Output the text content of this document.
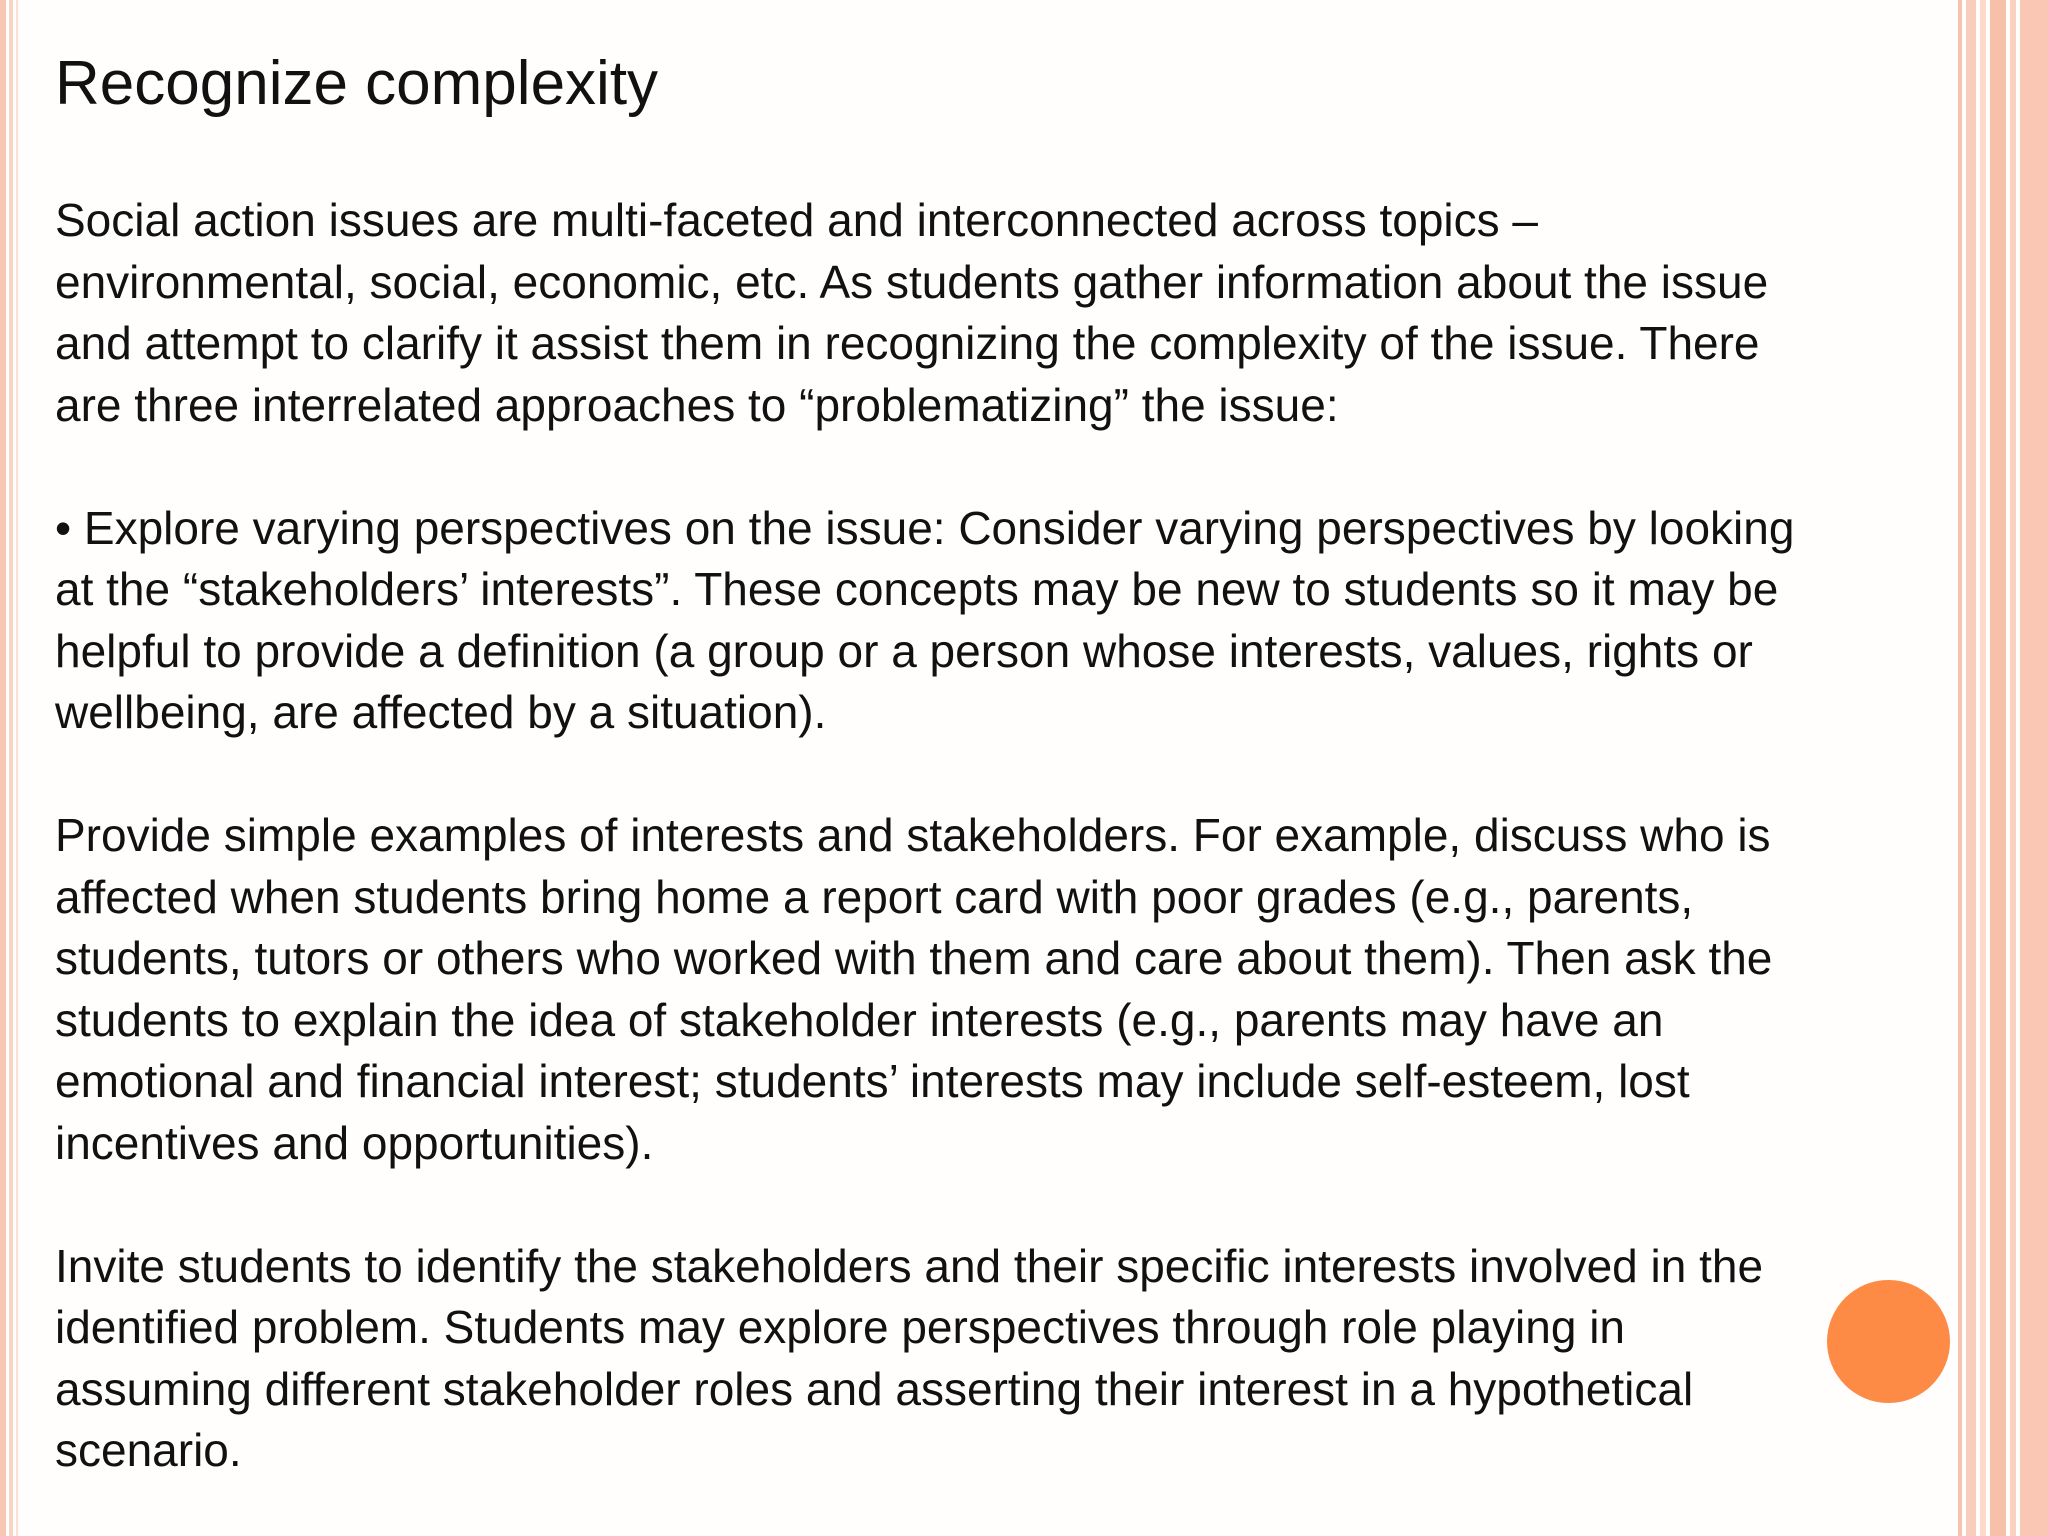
Recognize complexity

Social action issues are multi-faceted and interconnected across topics –
environmental, social, economic, etc. As students gather information about the issue
and attempt to clarify it assist them in recognizing the complexity of the issue. There
are three interrelated approaches to “problematizing” the issue:

• Explore varying perspectives on the issue: Consider varying perspectives by looking
at the “stakeholders’ interests”. These concepts may be new to students so it may be
helpful to provide a definition (a group or a person whose interests, values, rights or
wellbeing, are affected by a situation).

Provide simple examples of interests and stakeholders. For example, discuss who is
affected when students bring home a report card with poor grades (e.g., parents,
students, tutors or others who worked with them and care about them). Then ask the
students to explain the idea of stakeholder interests (e.g., parents may have an
emotional and financial interest; students’ interests may include self-esteem, lost
incentives and opportunities).

Invite students to identify the stakeholders and their specific interests involved in the
identified problem. Students may explore perspectives through role playing in
assuming different stakeholder roles and asserting their interest in a hypothetical
scenario.
